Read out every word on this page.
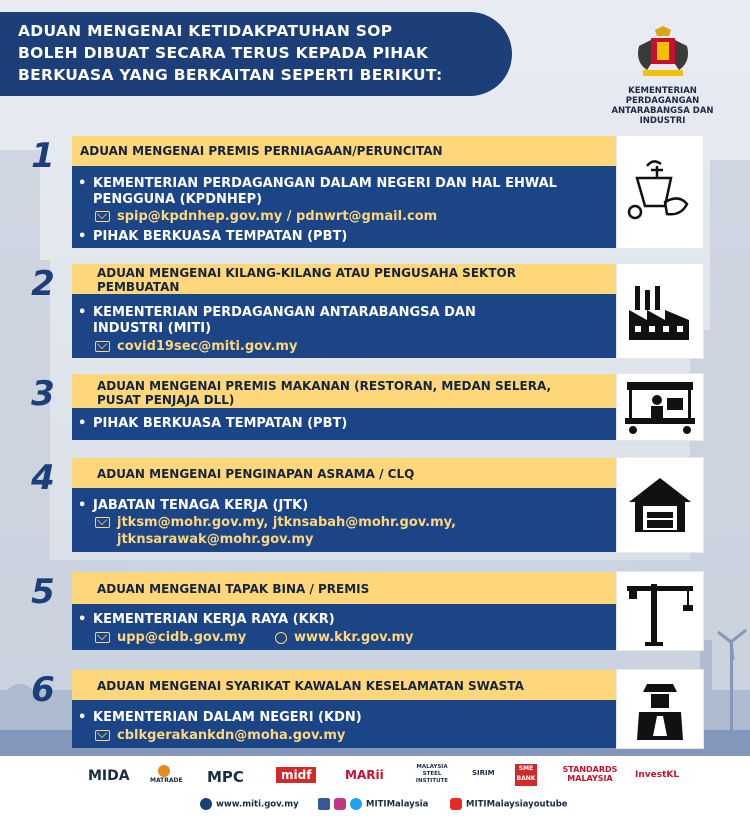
ADUAN MENGENAI KETIDAKPATUHAN SOP
BOLEH DIBUAT SECARA TERUS KEPADA PIHAK
BERKUASA YANG BERKAITAN SEPERTI BERIKUT:
KEMENTERIAN
PERDAGANGAN ANTARABANGSA DAN INDUSTRI
1	ADUAN MENGENAI PREMIS PERNIAGAAN/PERUNCITAN
• KEMENTERIAN PERDAGANGAN DALAM NEGERI DAN HAL EHWAL
PENGGUNA (KPDNHEP)
spip@kpdnhep.gov.my / pdnwrt@gmail.com
• PIHAK BERKUASA TEMPATAN (PBT)
2	ADUAN MENGENAI KILANG-KILANG ATAU PENGUSAHA SEKTOR
PEMBUATAN
• KEMENTERIAN PERDAGANGAN ANTARABANGSA DAN
INDUSTRI (MITI)
covid19sec@miti.gov.my
3	ADUAN MENGENAI PREMIS MAKANAN (RESTORAN, MEDAN SELERA,
PUSAT PENJAJA DLL)
• PIHAK BERKUASA TEMPATAN (PBT)
4	ADUAN MENGENAI PENGINAPAN ASRAMA / CLQ
• JABATAN TENAGA KERJA (JTK)
jtksm@mohr.gov.my, jtknsabah@mohr.gov.my,
jtknsarawak@mohr.gov.my
5	ADUAN MENGENAI TAPAK BINA / PREMIS
• KEMENTERIAN KERJA RAYA (KKR)
upp@cidb.gov.my	www.kkr.gov.my
6	ADUAN MENGENAI SYARIKAT KAWALAN KESELAMATAN SWASTA
• KEMENTERIAN DALAM NEGERI (KDN)
cblkgerakankdn@moha.gov.my
MIDA	MATRADE MPC	midf	MARii
MALAYSIA STEEL INSTITUTE
SIRIM
SME BANK
STANDARDS MALAYSIA	InvestKL
www.miti.gov.my	MITIMalaysia	MITIMalaysiayoutube
